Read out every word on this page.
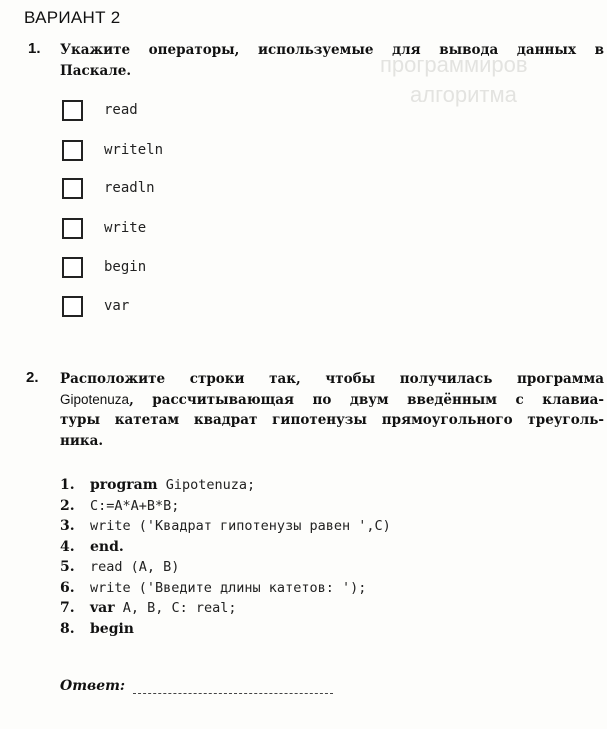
программиров
алгоритма
ВАРИАНТ 2
1. Укажите операторы, используемые для вывода данных в
Паскале.
read
writeln
readln
write
begin
var
2. Расположите строки так, чтобы получилась программа
Gipotenuza, рассчитывающая по двум введённым с клавиа-
туры катетам квадрат гипотенузы прямоугольного треуголь-
ника.
1. program Gipotenuza;
2. C:=A*A+B*B;
3. write ('Квадрат гипотенузы равен ',C)
4. end.
5. read (A, B)
6. write ('Введите длины катетов: ');
7. var A, B, C: real;
8. begin
Ответ:
